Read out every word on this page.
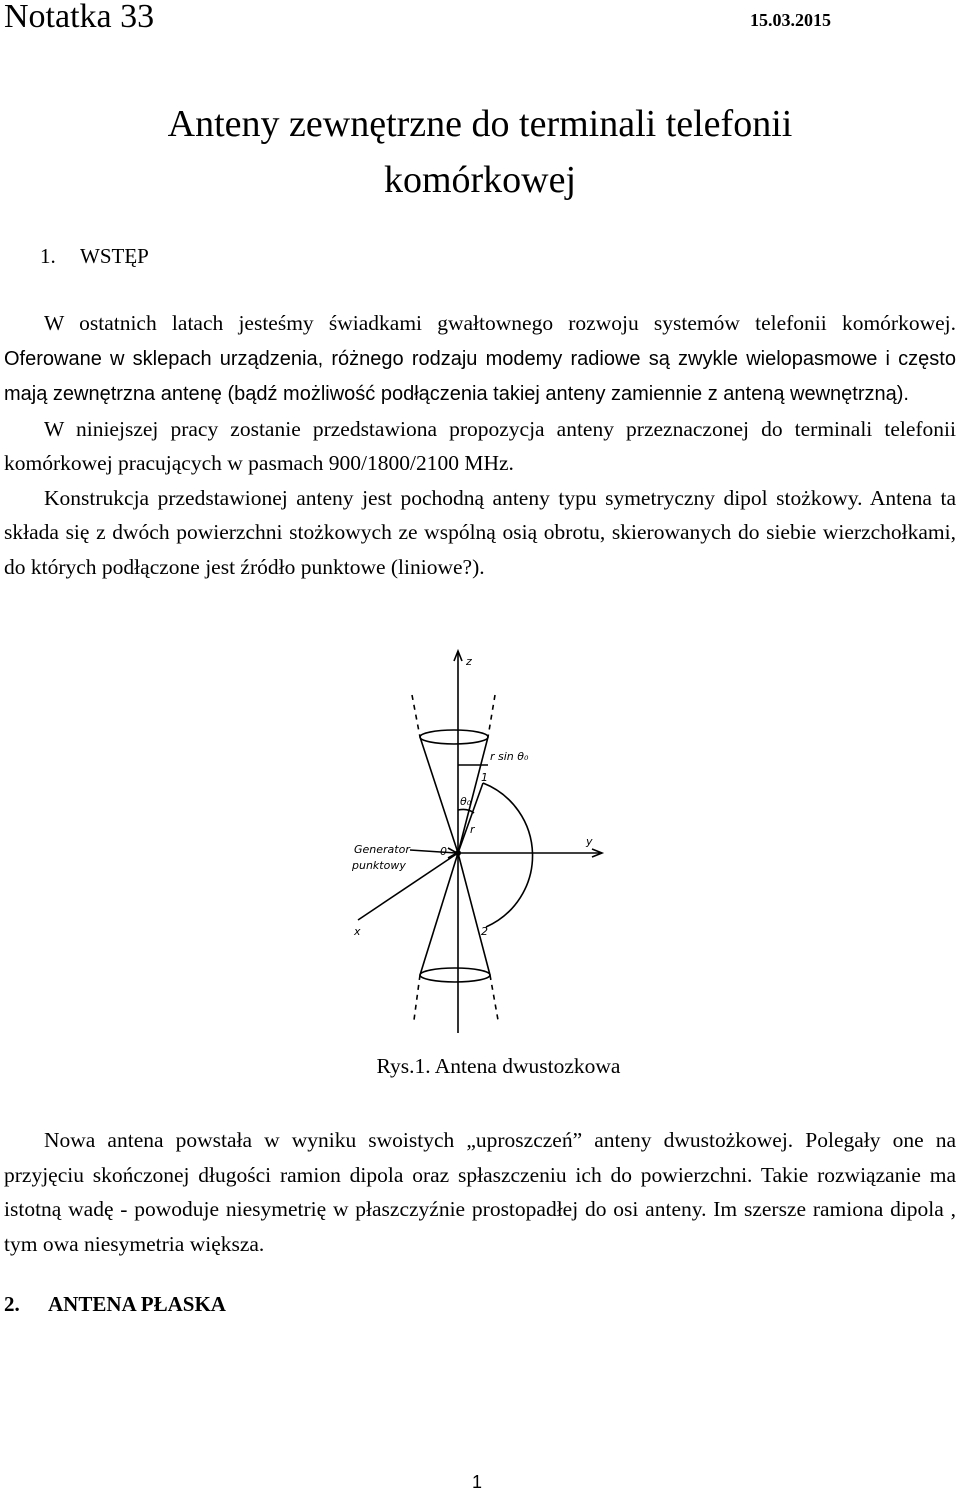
Notatka 33	15.03.2015
Anteny zewnętrzne do terminali telefonii
komórkowej
1. WSTĘP

W ostatnich latach jesteśmy świadkami gwałtownego rozwoju systemów telefonii komórkowej. Oferowane w sklepach urządzenia, różnego rodzaju modemy radiowe są zwykle wielopasmowe i często mają zewnętrzna antenę (bądź możliwość podłączenia takiej anteny zamiennie z anteną wewnętrzną).

W niniejszej pracy zostanie przedstawiona propozycja anteny przeznaczonej do terminali telefonii komórkowej pracujących w pasmach 900/1800/2100 MHz.

Konstrukcja przedstawionej anteny jest pochodną anteny typu symetryczny dipol stożkowy. Antena ta składa się z dwóch powierzchni stożkowych ze wspólną osią obrotu, skierowanych do siebie wierzchołkami, do których podłączone jest źródło punktowe (liniowe?).

z
y
x
0
r
θ₀
r sin θ₀
1
2
Generator
punktowy
Rys.1. Antena dwustozkowa

Nowa antena powstała w wyniku swoistych „uproszczeń” anteny dwustożkowej. Polegały one na przyjęciu skończonej długości ramion dipola oraz spłaszczeniu ich do powierzchni. Takie rozwiązanie ma istotną wadę - powoduje niesymetrię w płaszczyźnie prostopadłej do osi anteny. Im szersze ramiona dipola , tym owa niesymetria większa.

2. ANTENA PŁASKA
1
